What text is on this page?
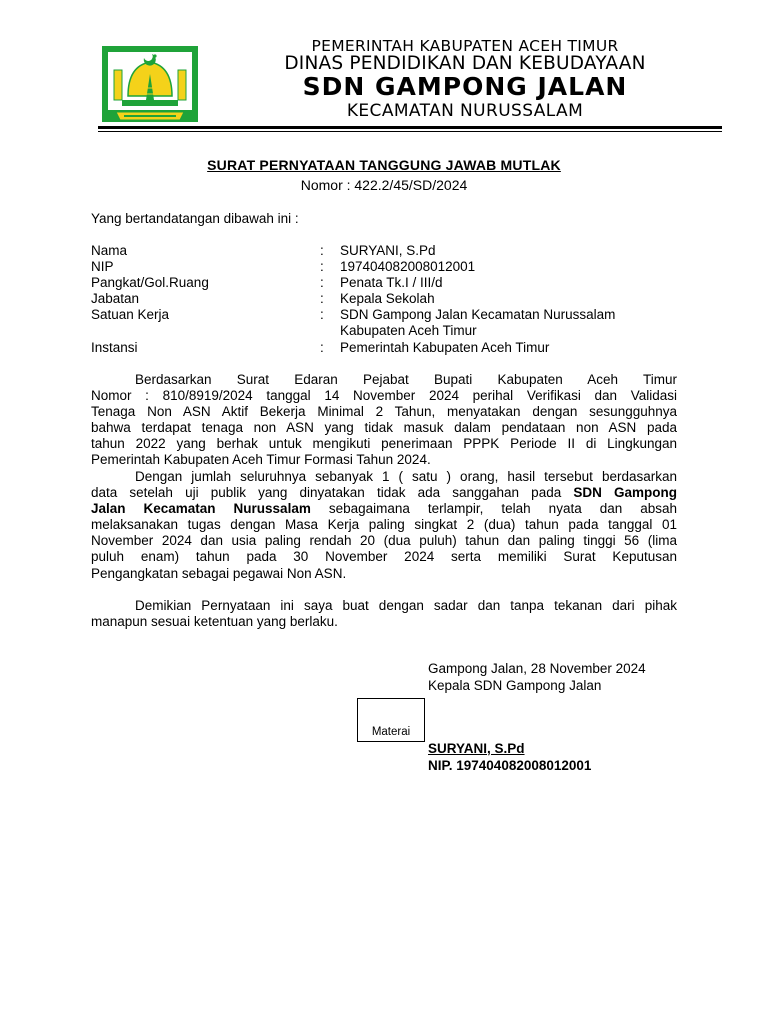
PEMERINTAH KABUPATEN ACEH TIMUR
DINAS PENDIDIKAN DAN KEBUDAYAAN
SDN GAMPONG JALAN
KECAMATAN NURUSSALAM
SURAT PERNYATAAN TANGGUNG JAWAB MUTLAK
Nomor : 422.2/45/SD/2024
Yang bertandatangan dibawah ini :
Nama	: SURYANI, S.Pd
NIP	: 197404082008012001
Pangkat/Gol.Ruang	: Penata Tk.I / III/d
Jabatan	: Kepala Sekolah
Satuan Kerja	: SDN Gampong Jalan Kecamatan Nurussalam
Kabupaten Aceh Timur
Instansi	: Pemerintah Kabupaten Aceh Timur
Berdasarkan Surat Edaran Pejabat Bupati Kabupaten Aceh Timur
Nomor : 810/8919/2024 tanggal 14 November 2024 perihal Verifikasi dan Validasi
Tenaga Non ASN Aktif Bekerja Minimal 2 Tahun, menyatakan dengan sesungguhnya
bahwa terdapat tenaga non ASN yang tidak masuk dalam pendataan non ASN pada
tahun 2022 yang berhak untuk mengikuti penerimaan PPPK Periode II di Lingkungan
Pemerintah Kabupaten Aceh Timur Formasi Tahun 2024.
Dengan jumlah seluruhnya sebanyak 1 ( satu ) orang, hasil tersebut berdasarkan
data setelah uji publik yang dinyatakan tidak ada sanggahan pada SDN Gampong
Jalan Kecamatan Nurussalam sebagaimana terlampir, telah nyata dan absah
melaksanakan tugas dengan Masa Kerja paling singkat 2 (dua) tahun pada tanggal 01
November 2024 dan usia paling rendah 20 (dua puluh) tahun dan paling tinggi 56 (lima
puluh enam) tahun pada 30 November 2024 serta memiliki Surat Keputusan
Pengangkatan sebagai pegawai Non ASN.
Demikian Pernyataan ini saya buat dengan sadar dan tanpa tekanan dari pihak
manapun sesuai ketentuan yang berlaku.
Gampong Jalan, 28 November 2024
Kepala SDN Gampong Jalan
Materai
SURYANI, S.Pd
NIP. 197404082008012001
